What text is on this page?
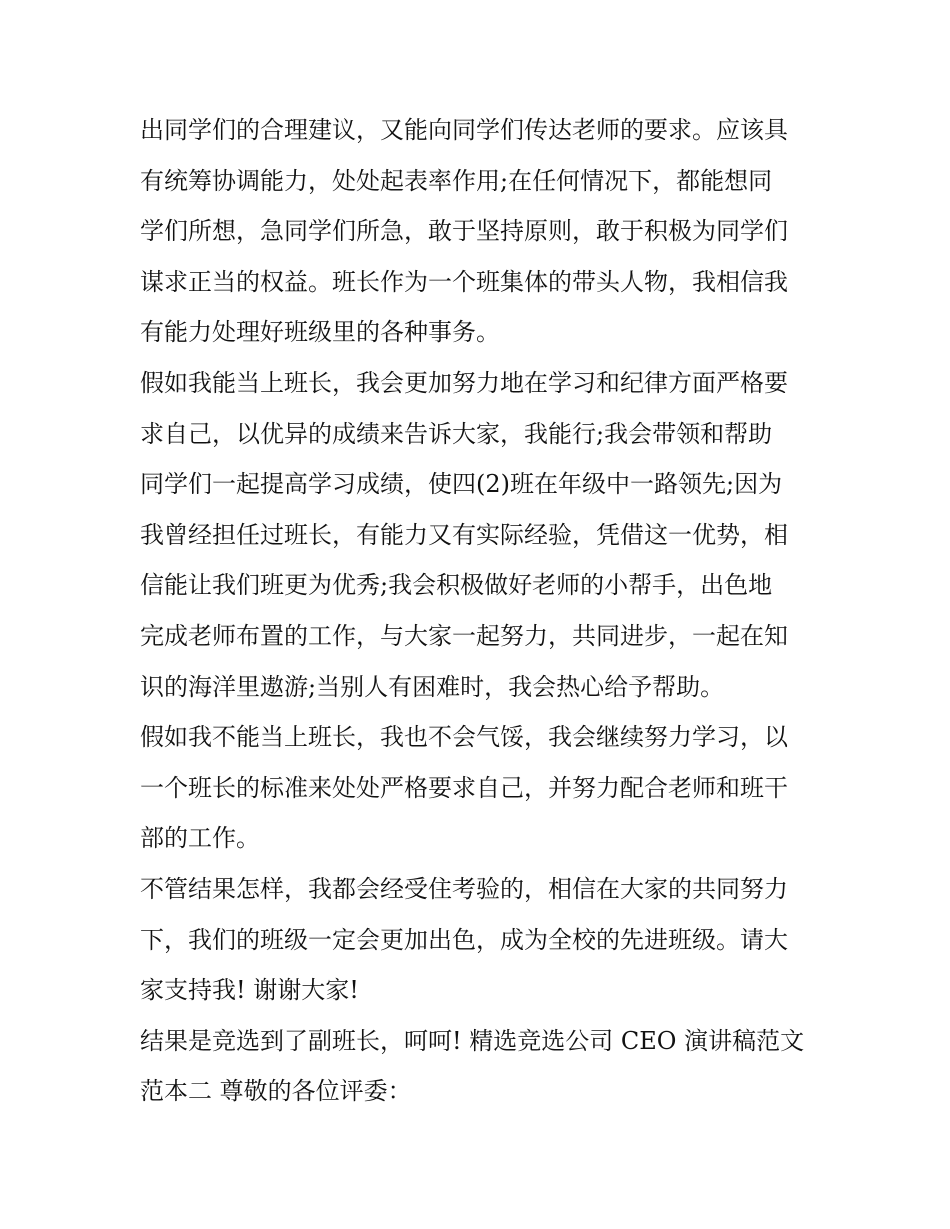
出同学们的合理建议，又能向同学们传达老师的要求。应该具
有统筹协调能力，处处起表率作用;在任何情况下，都能想同
学们所想，急同学们所急，敢于坚持原则，敢于积极为同学们
谋求正当的权益。班长作为一个班集体的带头人物，我相信我
有能力处理好班级里的各种事务。
假如我能当上班长，我会更加努力地在学习和纪律方面严格要
求自己，以优异的成绩来告诉大家，我能行;我会带领和帮助
同学们一起提高学习成绩，使四(2)班在年级中一路领先;因为
我曾经担任过班长，有能力又有实际经验，凭借这一优势，相
信能让我们班更为优秀;我会积极做好老师的小帮手，出色地
完成老师布置的工作，与大家一起努力，共同进步，一起在知
识的海洋里遨游;当别人有困难时，我会热心给予帮助。
假如我不能当上班长，我也不会气馁，我会继续努力学习，以
一个班长的标准来处处严格要求自己，并努力配合老师和班干
部的工作。
不管结果怎样，我都会经受住考验的，相信在大家的共同努力
下，我们的班级一定会更加出色，成为全校的先进班级。请大
家支持我! 谢谢大家!
结果是竞选到了副班长，呵呵! 精选竞选公司 CEO 演讲稿范文
范本二 尊敬的各位评委：
